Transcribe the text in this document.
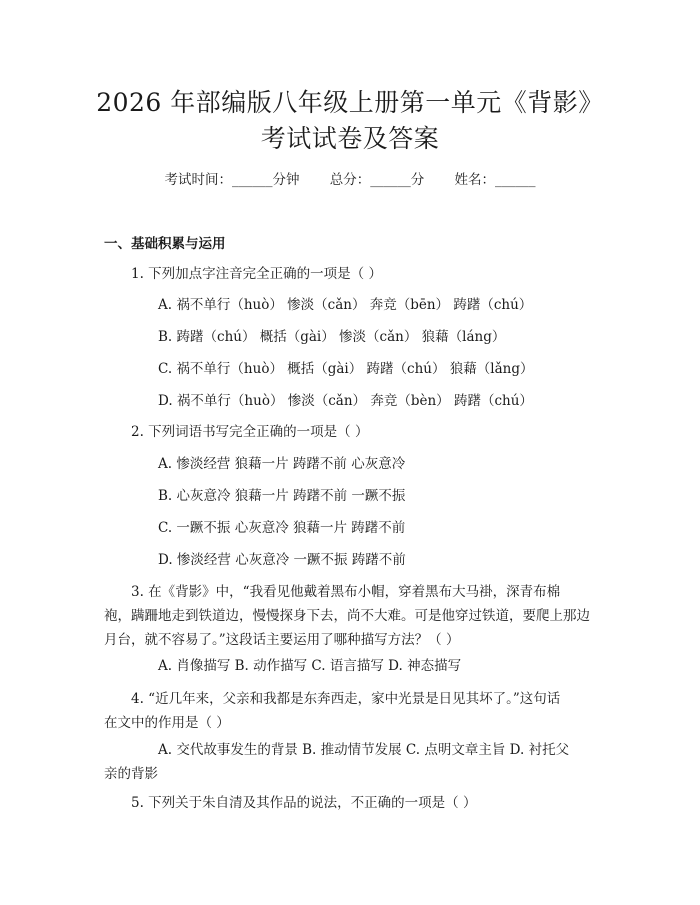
2026 年部编版八年级上册第一单元《背影》
考试试卷及答案
考试时间：______分钟 总分：______分 姓名：______
一、基础积累与运用
1. 下列加点字注音完全正确的一项是（ ）
A. 祸不单行（huò） 惨淡（cǎn） 奔竞（bēn） 踌躇（chú）
B. 踌躇（chú） 概括（gài） 惨淡（cǎn） 狼藉（láng）
C. 祸不单行（huò） 概括（gài） 踌躇（chú） 狼藉（lǎng）
D. 祸不单行（huò） 惨淡（cǎn） 奔竞（bèn） 踌躇（chú）
2. 下列词语书写完全正确的一项是（ ）
A. 惨淡经营 狼藉一片 踌躇不前 心灰意冷
B. 心灰意冷 狼藉一片 踌躇不前 一蹶不振
C. 一蹶不振 心灰意冷 狼藉一片 踌躇不前
D. 惨淡经营 心灰意冷 一蹶不振 踌躇不前
3. 在《背影》中，“我看见他戴着黑布小帽，穿着黑布大马褂，深青布棉
袍，蹒跚地走到铁道边，慢慢探身下去，尚不大难。可是他穿过铁道，要爬上那边
月台，就不容易了。”这段话主要运用了哪种描写方法？（ ）
A. 肖像描写 B. 动作描写 C. 语言描写 D. 神态描写
4. “近几年来，父亲和我都是东奔西走，家中光景是日见其坏了。”这句话
在文中的作用是（ ）
A. 交代故事发生的背景 B. 推动情节发展 C. 点明文章主旨 D. 衬托父
亲的背影
5. 下列关于朱自清及其作品的说法，不正确的一项是（ ）
